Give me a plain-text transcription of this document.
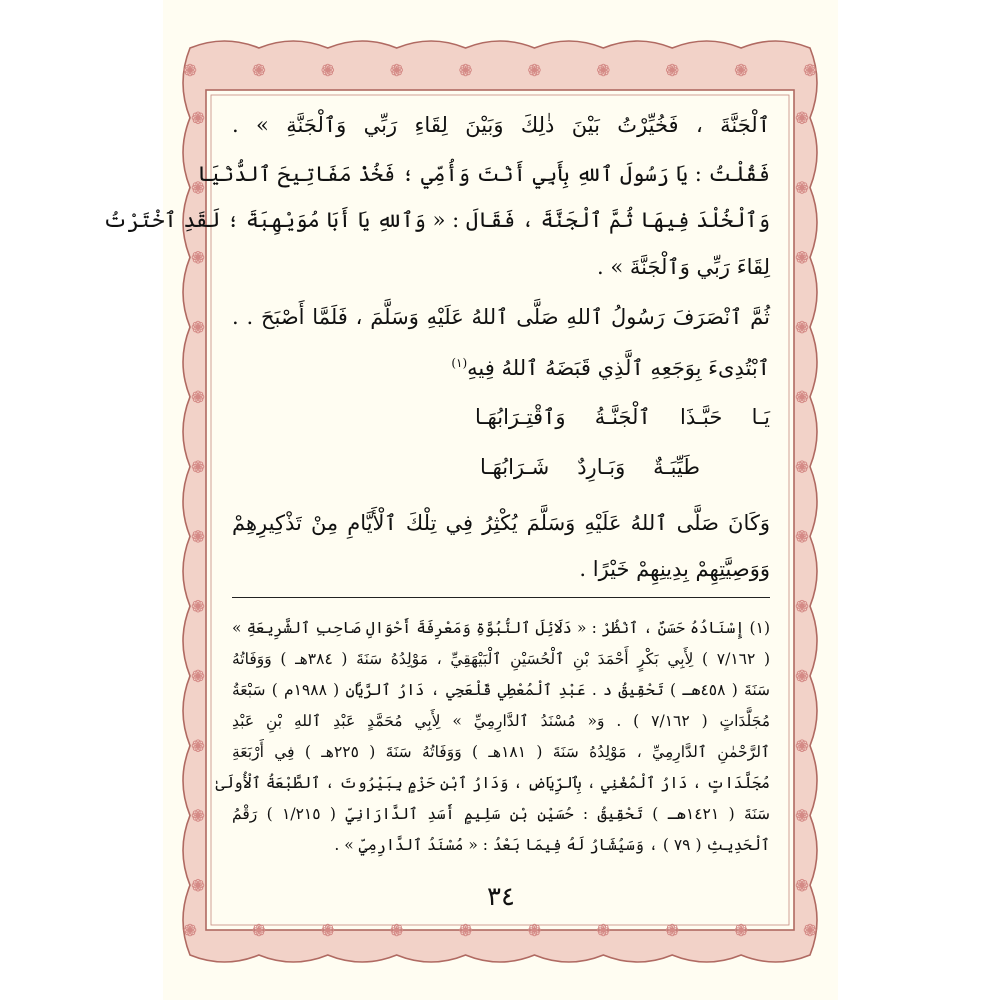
ٱلْجَنَّةَ ، فَخُيِّرْتُ بَيْنَ ذٰلِكَ وَبَيْنَ لِقَاءِ رَبِّي وَٱلْجَنَّةِ » .
فَقُلْتُ : يَا رَسُولَ ٱللهِ بِأَبِي أَنْتَ وَأُمِّي ؛ فَخُذْ مَفَاتِيحَ ٱلدُّنْيَا
وَٱلْخُلْدَ فِيهَا ثُمَّ ٱلْجَنَّةَ ، فَقَالَ : « وَٱللهِ يَا أَبَا مُوَيْهِبَةَ ؛ لَقَدِ ٱخْتَرْتُ
لِقَاءَ رَبِّي وَٱلْجَنَّةَ » .
ثُمَّ ٱنْصَرَفَ رَسُولُ ٱللهِ صَلَّى ٱللهُ عَلَيْهِ وَسَلَّمَ ، فَلَمَّا أَصْبَحَ . .
ٱبْتُدِىءَ بِوَجَعِهِ ٱلَّذِي قَبَضَهُ ٱللهُ فِيهِ$^{(١)}$
يَـا حَبَّـذَا ٱلْجَنَّـةُ وَٱقْتِـرَابُهَـا
طَيِّبَـةٌ وَبَـارِدٌ شَـرَابُهَـا
وَكَانَ صَلَّى ٱللهُ عَلَيْهِ وَسَلَّمَ يُكْثِرُ فِي تِلْكَ ٱلْأَيَّامِ مِنْ تَذْكِيرِهِمْ
وَوَصِيَّتِهِمْ بِدِينِهِمْ خَيْرًا .
(١) إِسْنَادُهُ حَسَنٌ ، ٱنْظُرْ : « دَلَائِلَ ٱلنُّبُوَّةِ وَمَعْرِفَةَ أَحْوَالِ صَاحِبِ ٱلشَّرِيعَةِ »
( ٧/١٦٢ ) لِأَبِي بَكْرٍ أَحْمَدَ بْنِ ٱلْحُسَيْنِ ٱلْبَيْهَقِيِّ ، مَوْلِدُهُ سَنَةَ ( ٣٨٤هـ ) وَوَفَاتُهُ
سَنَةَ ( ٤٥٨هـ ) تَحْقِيقُ د . عَبْدِ ٱلْمُعْطِي قَلْعَجِي ، دَارُ ٱلرَّيَّانِ ( ١٩٨٨م ) سَبْعَةُ
مُجَلَّدَاتٍ ( ٧/١٦٢ ) . وَ« مُسْنَدُ ٱلدَّارِمِيِّ » لِأَبِي مُحَمَّدٍ عَبْدِ ٱللهِ بْنِ عَبْدِ
ٱلرَّحْمٰنِ ٱلدَّارِمِيِّ ، مَوْلِدُهُ سَنَةَ ( ١٨١هـ ) وَوَفَاتُهُ سَنَةَ ( ٢٢٥هـ ) فِي أَرْبَعَةِ
مُجَلَّدَاتٍ ، دَارُ ٱلْمُغْنِي ، بِٱلرِّيَاضِ ، وَدَارُ ٱبْنِ حَزْمٍ بِبَيْرُوتَ ، ٱلطَّبْعَةُ ٱلْأُولَىٰ
سَنَةَ ( ١٤٢١هـ ) تَحْقِيقُ : حُسَيْنِ بْنِ سَلِيمٍ أَسَدِ ٱلدَّارَانِيِّ ( ١/٢١٥ ) رَقْمُ
ٱلْحَدِيثِ ( ٧٩ ) ، وَسَيُشَارُ لَهُ فِيمَا بَعْدُ : « مُسْنَدُ ٱلدَّارِمِيِّ » .
٣٤
